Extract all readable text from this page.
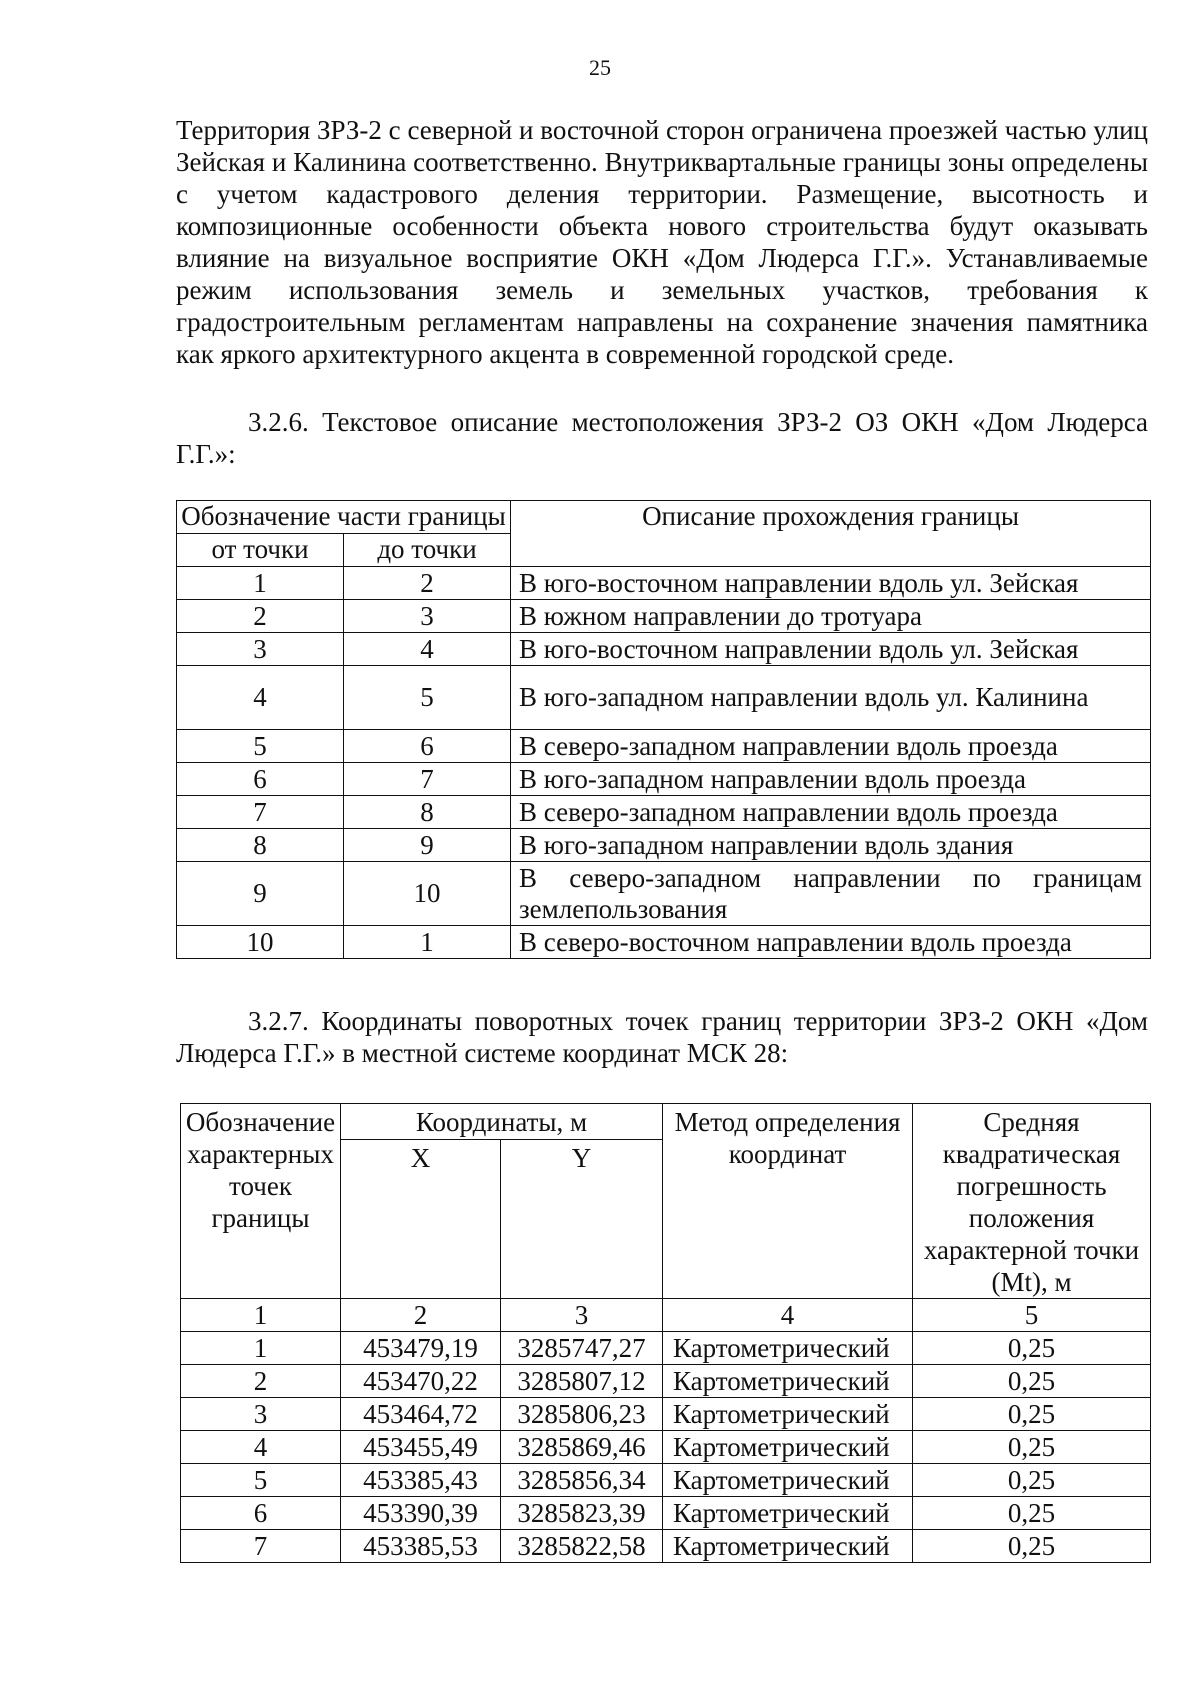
25

Территория ЗРЗ-2 с северной и восточной сторон ограничена проезжей частью улиц Зейская и Калинина соответственно. Внутриквартальные границы зоны определены с учетом кадастрового деления территории. Размещение, высотность и композиционные особенности объекта нового строительства будут оказывать влияние на визуальное восприятие ОКН «Дом Людерса Г.Г.». Устанавливаемые режим использования земель и земельных участков, требования к градостроительным регламентам направлены на сохранение значения памятника как яркого архитектурного акцента в современной городской среде.

3.2.6. Текстовое описание местоположения ЗРЗ-2 ОЗ ОКН «Дом Людерса Г.Г.»:

Обозначение части границы		Описание прохождения границы
от точки	до точки	
1	2	В юго-восточном направлении вдоль ул. Зейская
2	3	В южном направлении до тротуара
3	4	В юго-восточном направлении вдоль ул. Зейская
4	5	В юго-западном направлении вдоль ул. Калинина
5	6	В северо-западном направлении вдоль проезда
6	7	В юго-западном направлении вдоль проезда
7	8	В северо-западном направлении вдоль проезда
8	9	В юго-западном направлении вдоль здания
9	10	В северо-западном направлении по границам землепользования
10	1	В северо-восточном направлении вдоль проезда

3.2.7. Координаты поворотных точек границ территории ЗРЗ-2 ОКН «Дом Людерса Г.Г.» в местной системе координат МСК 28:

Обозначение характерных точек границы	Координаты, м		Метод определения координат	Средняя квадратическая погрешность положения характерной точки (Mt), м
	X	Y		
1	2	3	4	5
1	453479,19	3285747,27	Картометрический	0,25
2	453470,22	3285807,12	Картометрический	0,25
3	453464,72	3285806,23	Картометрический	0,25
4	453455,49	3285869,46	Картометрический	0,25
5	453385,43	3285856,34	Картометрический	0,25
6	453390,39	3285823,39	Картометрический	0,25
7	453385,53	3285822,58	Картометрический	0,25
